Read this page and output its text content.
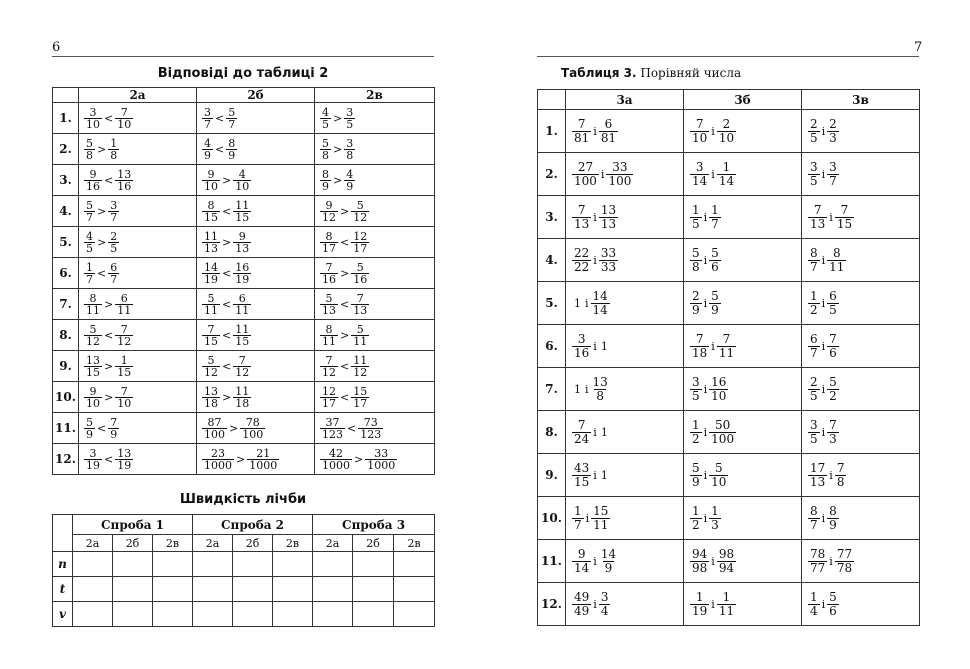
6
Відповіді до таблиці 2
	2а	2б	2в
1.	$\frac{3}{10} < \frac{7}{10}$	$\frac{3}{7} < \frac{5}{7}$	$\frac{4}{5} > \frac{3}{5}$

2.	$\frac{5}{8} > \frac{1}{8}$	$\frac{4}{9} < \frac{8}{9}$	$\frac{5}{8} > \frac{3}{8}$

3.	$\frac{9}{16} < \frac{13}{16}$	$\frac{9}{10} > \frac{4}{10}$	$\frac{8}{9} > \frac{4}{9}$

4.	$\frac{5}{7} > \frac{3}{7}$	$\frac{8}{15} < \frac{11}{15}$	$\frac{9}{12} > \frac{5}{12}$

5.	$\frac{4}{5} > \frac{2}{5}$	$\frac{11}{13} > \frac{9}{13}$	$\frac{8}{17} < \frac{12}{17}$

6.	$\frac{1}{7} < \frac{6}{7}$	$\frac{14}{19} < \frac{16}{19}$	$\frac{7}{16} > \frac{5}{16}$

7.	$\frac{8}{11} > \frac{6}{11}$	$\frac{5}{11} < \frac{6}{11}$	$\frac{5}{13} < \frac{7}{13}$

8.	$\frac{5}{12} < \frac{7}{12}$	$\frac{7}{15} < \frac{11}{15}$	$\frac{8}{11} > \frac{5}{11}$

9.	$\frac{13}{15} > \frac{1}{15}$	$\frac{5}{12} < \frac{7}{12}$	$\frac{7}{12} < \frac{11}{12}$

10.	$\frac{9}{10} > \frac{7}{10}$	$\frac{13}{18} > \frac{11}{18}$	$\frac{12}{17} < \frac{15}{17}$

11.	$\frac{5}{9} < \frac{7}{9}$	$\frac{87}{100} > \frac{78}{100}$	$\frac{37}{123} < \frac{73}{123}$

12.	$\frac{3}{19} < \frac{13}{19}$	$\frac{23}{1000} > \frac{21}{1000}$	$\frac{42}{1000} > \frac{33}{1000}$
Швидкість лічби
	Спроба 1			Спроба 2			Спроба 3		
	2а	2б	2в	2а	2б	2в	2а	2б	2в
n									
t									
v									
7
Таблиця 3. Порівняй числа
	3а	3б	3в
1.	$\frac{7}{81}$ і $\frac{6}{81}$	$\frac{7}{10}$ і $\frac{2}{10}$	$\frac{2}{5}$ і $\frac{2}{3}$

2.	$\frac{27}{100}$ і $\frac{33}{100}$	$\frac{3}{14}$ і $\frac{1}{14}$	$\frac{3}{5}$ і $\frac{3}{7}$

3.	$\frac{7}{13}$ і $\frac{13}{13}$	$\frac{1}{5}$ і $\frac{1}{7}$	$\frac{7}{13}$ і $\frac{7}{15}$

4.	$\frac{22}{22}$ і $\frac{33}{33}$	$\frac{5}{8}$ і $\frac{5}{6}$	$\frac{8}{7}$ і $\frac{8}{11}$

5.	1 і $\frac{14}{14}$	$\frac{2}{9}$ і $\frac{5}{9}$	$\frac{1}{2}$ і $\frac{6}{5}$

6.	$\frac{3}{16}$ і 1	$\frac{7}{18}$ і $\frac{7}{11}$	$\frac{6}{7}$ і $\frac{7}{6}$

7.	1 і $\frac{13}{8}$	$\frac{3}{5}$ і $\frac{16}{10}$	$\frac{2}{5}$ і $\frac{5}{2}$

8.	$\frac{7}{24}$ і 1	$\frac{1}{2}$ і $\frac{50}{100}$	$\frac{3}{5}$ і $\frac{7}{3}$

9.	$\frac{43}{15}$ і 1	$\frac{5}{9}$ і $\frac{5}{10}$	$\frac{17}{13}$ і $\frac{7}{8}$

10.	$\frac{1}{7}$ і $\frac{15}{11}$	$\frac{1}{2}$ і $\frac{1}{3}$	$\frac{8}{7}$ і $\frac{8}{9}$

11.	$\frac{9}{14}$ і $\frac{14}{9}$	$\frac{94}{98}$ і $\frac{98}{94}$	$\frac{78}{77}$ і $\frac{77}{78}$

12.	$\frac{49}{49}$ і $\frac{3}{4}$	$\frac{1}{19}$ і $\frac{1}{11}$	$\frac{1}{4}$ і $\frac{5}{6}$
